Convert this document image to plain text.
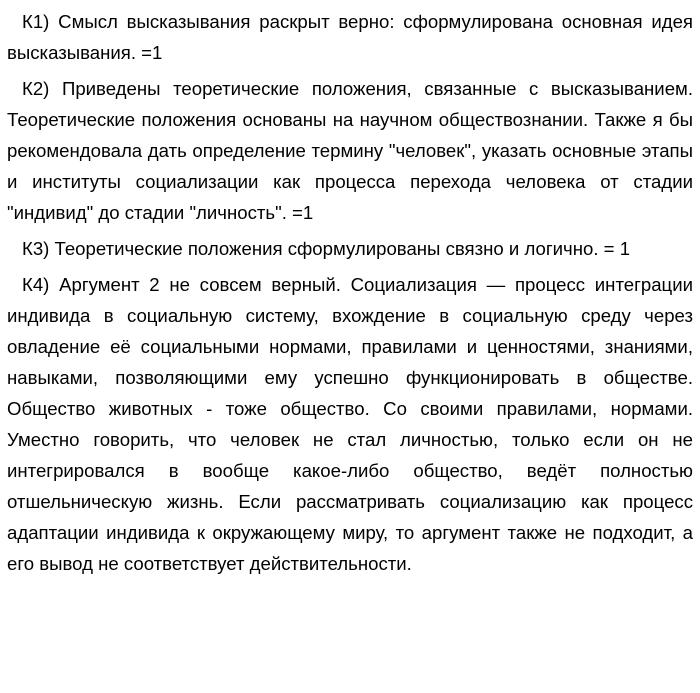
К1) Смысл высказывания раскрыт верно: сформулирована основная идея высказывания. =1

К2) Приведены теоретические положения, связанные с высказыванием. Теоретические положения основаны на научном обществознании. Также я бы рекомендовала дать определение термину "человек", указать основные этапы и институты социализации как процесса перехода человека от стадии "индивид" до стадии "личность". =1

К3) Теоретические положения сформулированы связно и логично. = 1

К4) Аргумент 2 не совсем верный. Социализация — процесс интеграции индивида в социальную систему, вхождение в социальную среду через овладение её социальными нормами, правилами и ценностями, знаниями, навыками, позволяющими ему успешно функционировать в обществе. Общество животных - тоже общество. Со своими правилами, нормами. Уместно говорить, что человек не стал личностью, только если он не интегрировался в вообще какое-либо общество, ведёт полностью отшельническую жизнь. Если рассматривать социализацию как процесс адаптации индивида к окружающему миру, то аргумент также не подходит, а его вывод не соответствует действительности.
